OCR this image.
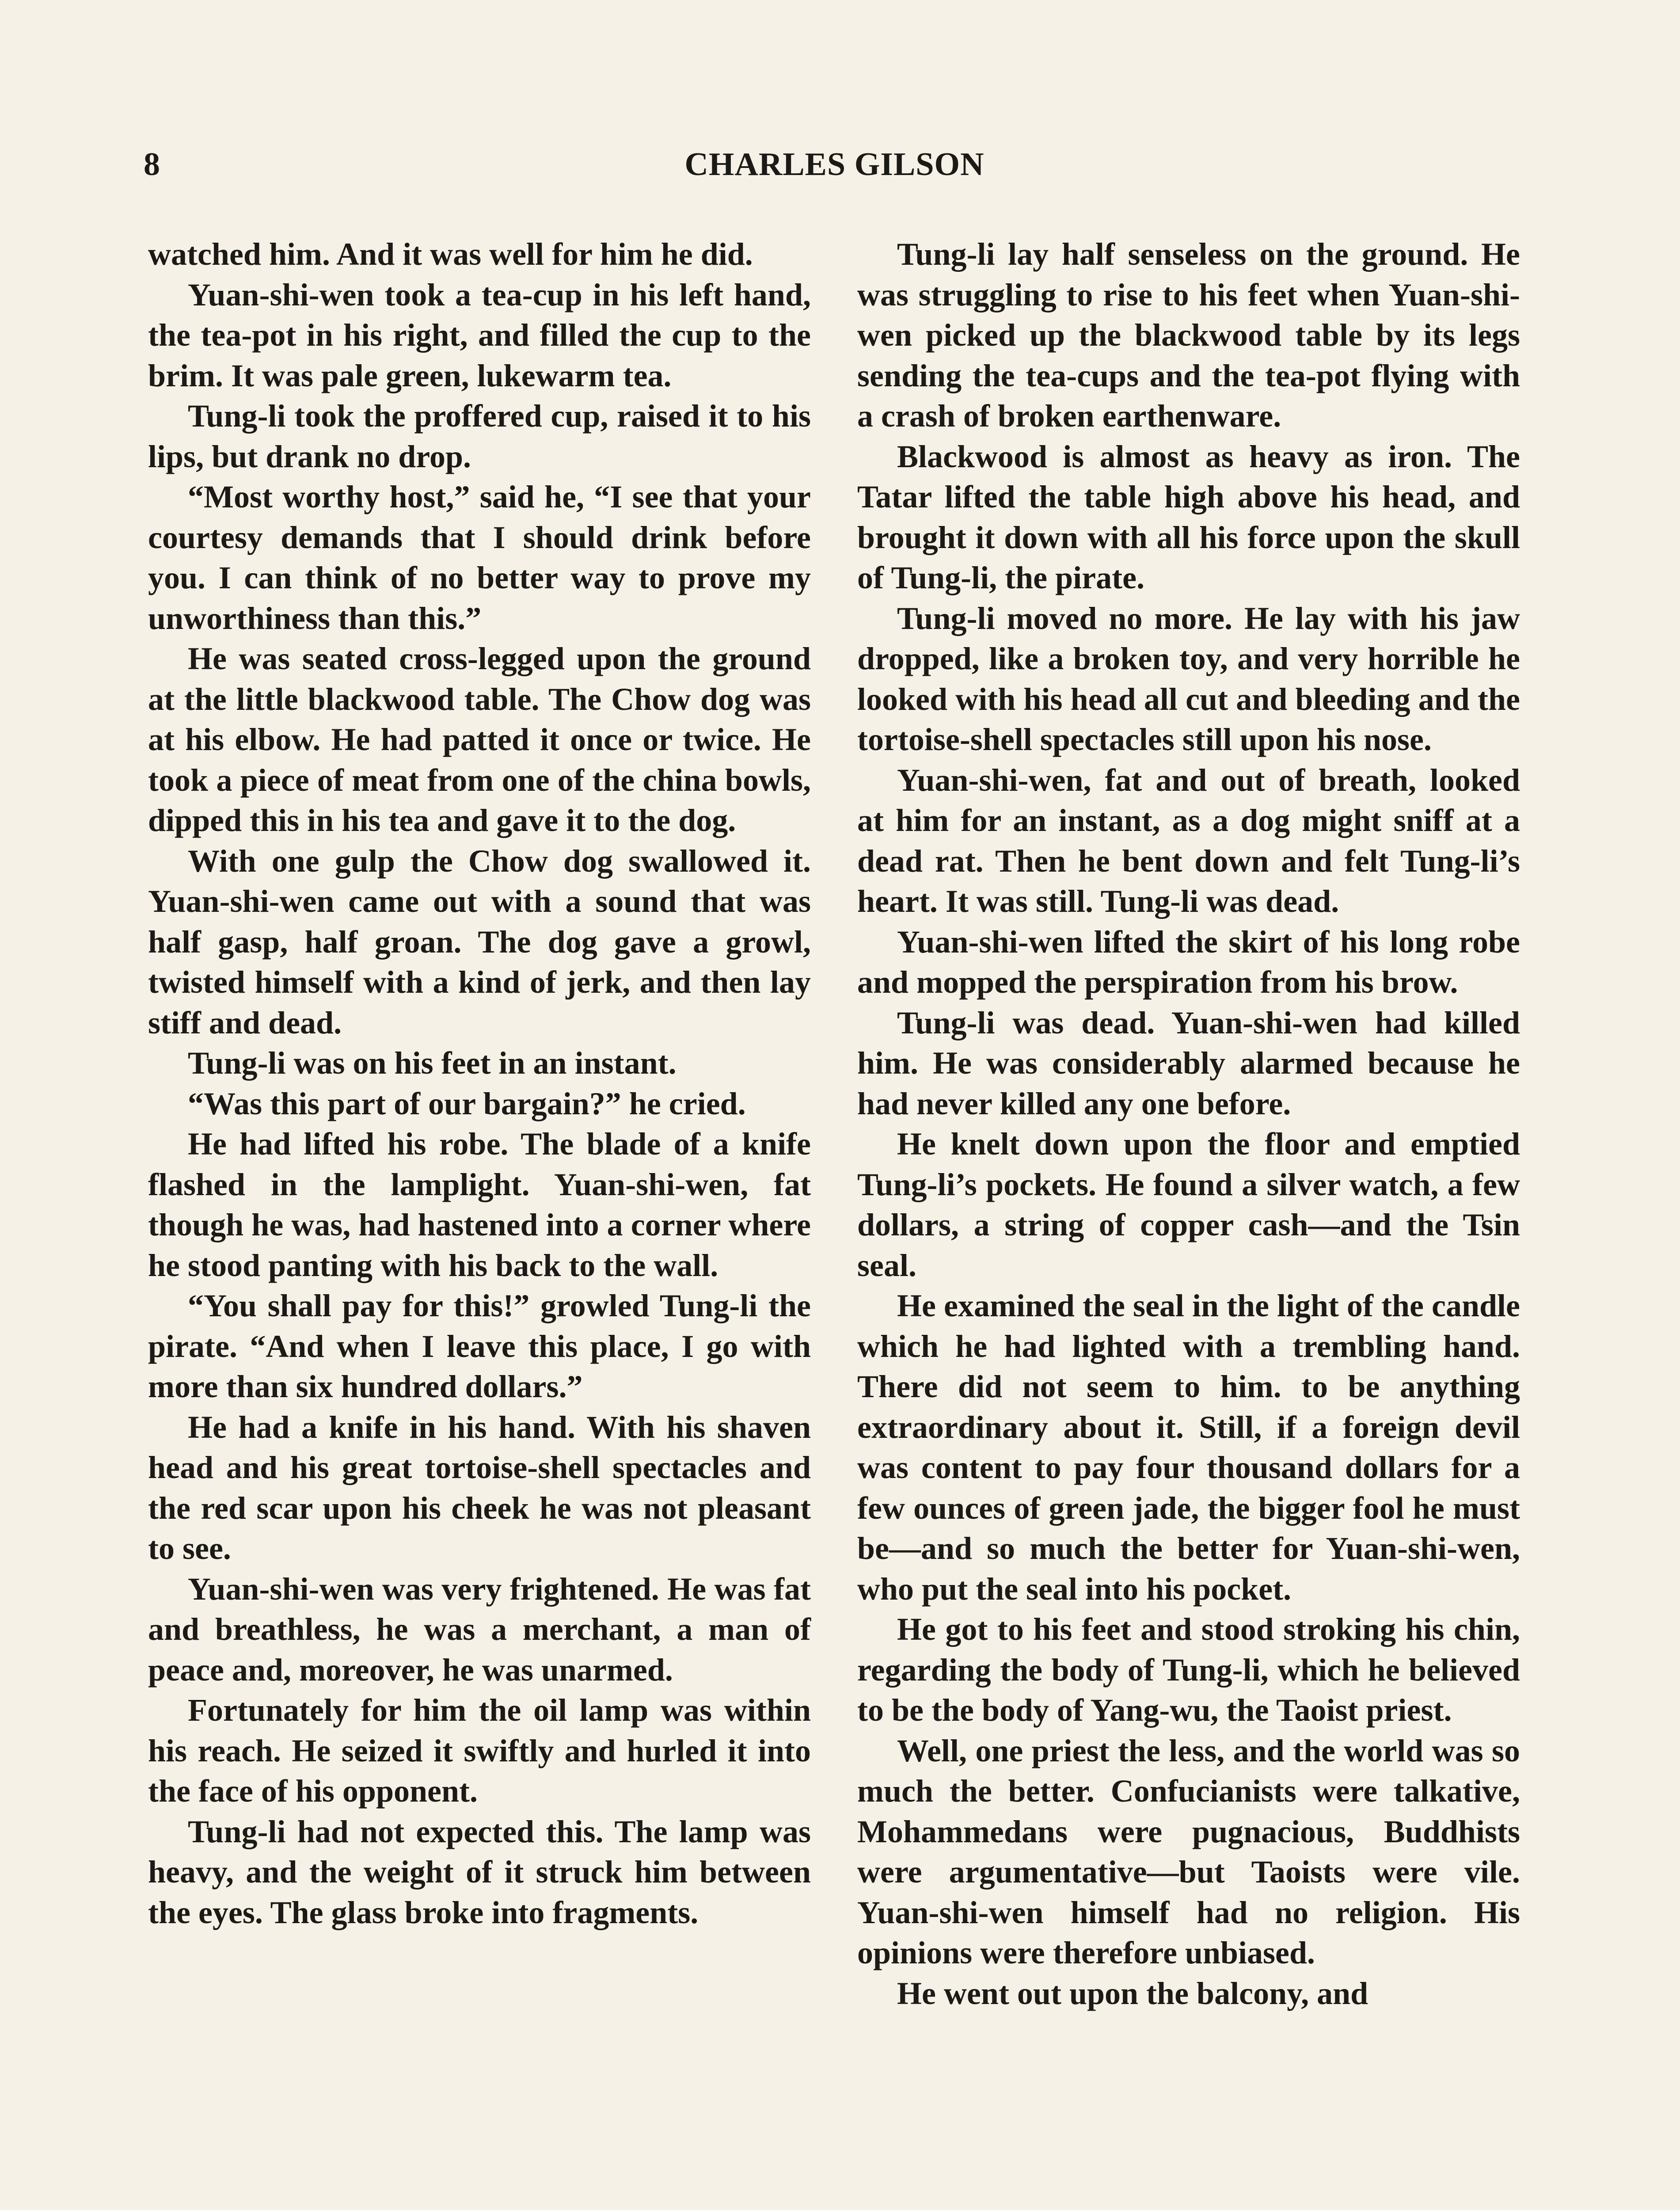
8	CHARLES GILSON

watched him. And it was well for him he did.

Yuan-shi-wen took a tea-cup in his left hand, the tea-pot in his right, and filled the cup to the brim. It was pale green, lukewarm tea.

Tung-li took the proffered cup, raised it to his lips, but drank no drop.

“Most worthy host,” said he, “I see that your courtesy demands that I should drink before you. I can think of no better way to prove my unworthiness than this.”

He was seated cross-legged upon the ground at the little blackwood table. The Chow dog was at his elbow. He had patted it once or twice. He took a piece of meat from one of the china bowls, dipped this in his tea and gave it to the dog.

With one gulp the Chow dog swallowed it. Yuan-shi-wen came out with a sound that was half gasp, half groan. The dog gave a growl, twisted himself with a kind of jerk, and then lay stiff and dead.

Tung-li was on his feet in an instant.

“Was this part of our bargain?” he cried.

He had lifted his robe. The blade of a knife flashed in the lamplight. Yuan-shi-wen, fat though he was, had hastened into a corner where he stood panting with his back to the wall.

“You shall pay for this!” growled Tung-li the pirate. “And when I leave this place, I go with more than six hundred dollars.”

He had a knife in his hand. With his shaven head and his great tortoise-shell spectacles and the red scar upon his cheek he was not pleasant to see.

Yuan-shi-wen was very frightened. He was fat and breathless, he was a merchant, a man of peace and, moreover, he was unarmed.

Fortunately for him the oil lamp was within his reach. He seized it swiftly and hurled it into the face of his opponent.

Tung-li had not expected this. The lamp was heavy, and the weight of it struck him between the eyes. The glass broke into fragments.

Tung-li lay half senseless on the ground. He was struggling to rise to his feet when Yuan-shi-wen picked up the blackwood table by its legs sending the tea-cups and the tea-pot flying with a crash of broken earthenware.

Blackwood is almost as heavy as iron. The Tatar lifted the table high above his head, and brought it down with all his force upon the skull of Tung-li, the pirate.

Tung-li moved no more. He lay with his jaw dropped, like a broken toy, and very horrible he looked with his head all cut and bleeding and the tortoise-shell spectacles still upon his nose.

Yuan-shi-wen, fat and out of breath, looked at him for an instant, as a dog might sniff at a dead rat. Then he bent down and felt Tung-li’s heart. It was still. Tung-li was dead.

Yuan-shi-wen lifted the skirt of his long robe and mopped the perspiration from his brow.

Tung-li was dead. Yuan-shi-wen had killed him. He was considerably alarmed because he had never killed any one before.

He knelt down upon the floor and emptied Tung-li’s pockets. He found a silver watch, a few dollars, a string of copper cash—and the Tsin seal.

He examined the seal in the light of the candle which he had lighted with a trembling hand. There did not seem to him. to be anything extraordinary about it. Still, if a foreign devil was content to pay four thousand dollars for a few ounces of green jade, the bigger fool he must be—and so much the better for Yuan-shi-wen, who put the seal into his pocket.

He got to his feet and stood stroking his chin, regarding the body of Tung-li, which he believed to be the body of Yang-wu, the Taoist priest.

Well, one priest the less, and the world was so much the better. Confucianists were talkative, Mohammedans were pugnacious, Buddhists were argumentative—but Taoists were vile. Yuan-shi-wen himself had no religion. His opinions were therefore unbiased.

He went out upon the balcony, and
